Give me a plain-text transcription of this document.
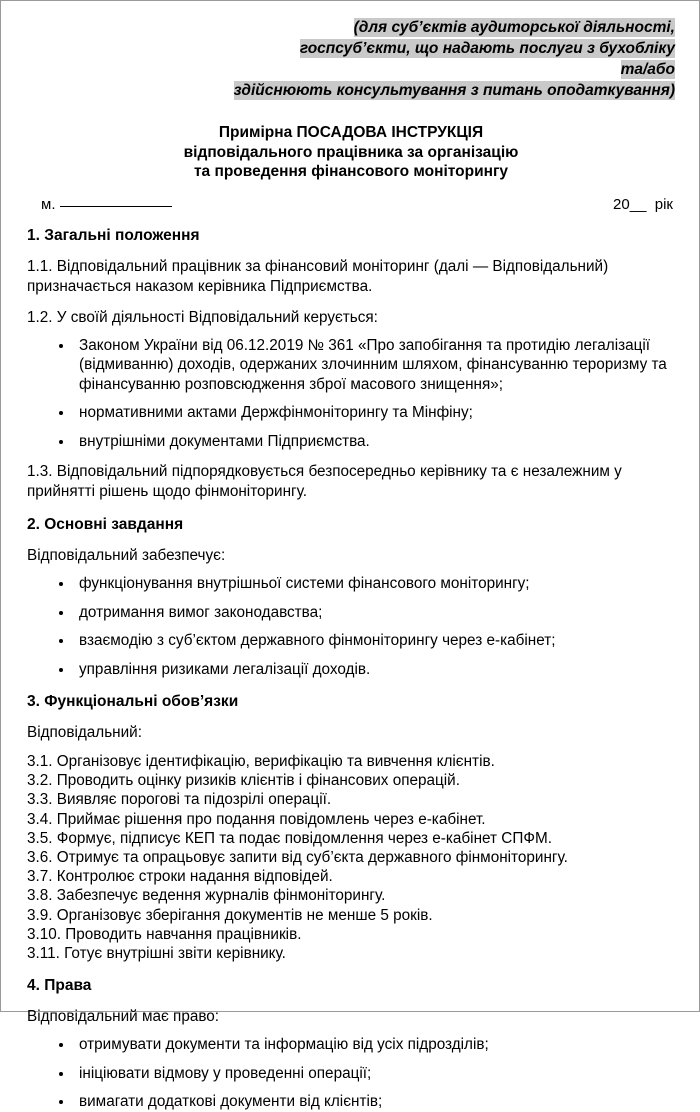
(для суб’єктів аудиторської діяльності,
госпсуб’єкти, що надають послуги з бухобліку
та/або
здійснюють консультування з питань оподаткування)
Примірна ПОСАДОВА ІНСТРУКЦІЯ
відповідального працівника за організацію
та проведення фінансового моніторингу
м.	20__  рік
1. Загальні положення

1.1. Відповідальний працівник за фінансовий моніторинг (далі — Відповідальний) призначається наказом керівника Підприємства.

1.2. У своїй діяльності Відповідальний керується:

Законом України від 06.12.2019 № 361 «Про запобігання та протидію легалізації (відмиванню) доходів, одержаних злочинним шляхом, фінансуванню тероризму та фінансуванню розповсюдження зброї масового знищення»;
нормативними актами Держфінмоніторингу та Мінфіну;
внутрішніми документами Підприємства.

1.3. Відповідальний підпорядковується безпосередньо керівнику та є незалежним у прийнятті рішень щодо фінмоніторингу.

2. Основні завдання

Відповідальний забезпечує:

функціонування внутрішньої системи фінансового моніторингу;
дотримання вимог законодавства;
взаємодію з суб’єктом державного фінмоніторингу через е-кабінет;
управління ризиками легалізації доходів.
3. Функціональні обов’язки

Відповідальний:

3.1. Організовує ідентифікацію, верифікацію та вивчення клієнтів.
3.2. Проводить оцінку ризиків клієнтів і фінансових операцій.
3.3. Виявляє порогові та підозрілі операції.
3.4. Приймає рішення про подання повідомлень через е-кабінет.
3.5. Формує, підписує КЕП та подає повідомлення через е-кабінет СПФМ.
3.6. Отримує та опрацьовує запити від суб’єкта державного фінмоніторингу.
3.7. Контролює строки надання відповідей.
3.8. Забезпечує ведення журналів фінмоніторингу.
3.9. Організовує зберігання документів не менше 5 років.
3.10. Проводить навчання працівників.
3.11. Готує внутрішні звіти керівнику.
4. Права

Відповідальний має право:

отримувати документи та інформацію від усіх підрозділів;
ініціювати відмову у проведенні операції;
вимагати додаткові документи від клієнтів;
